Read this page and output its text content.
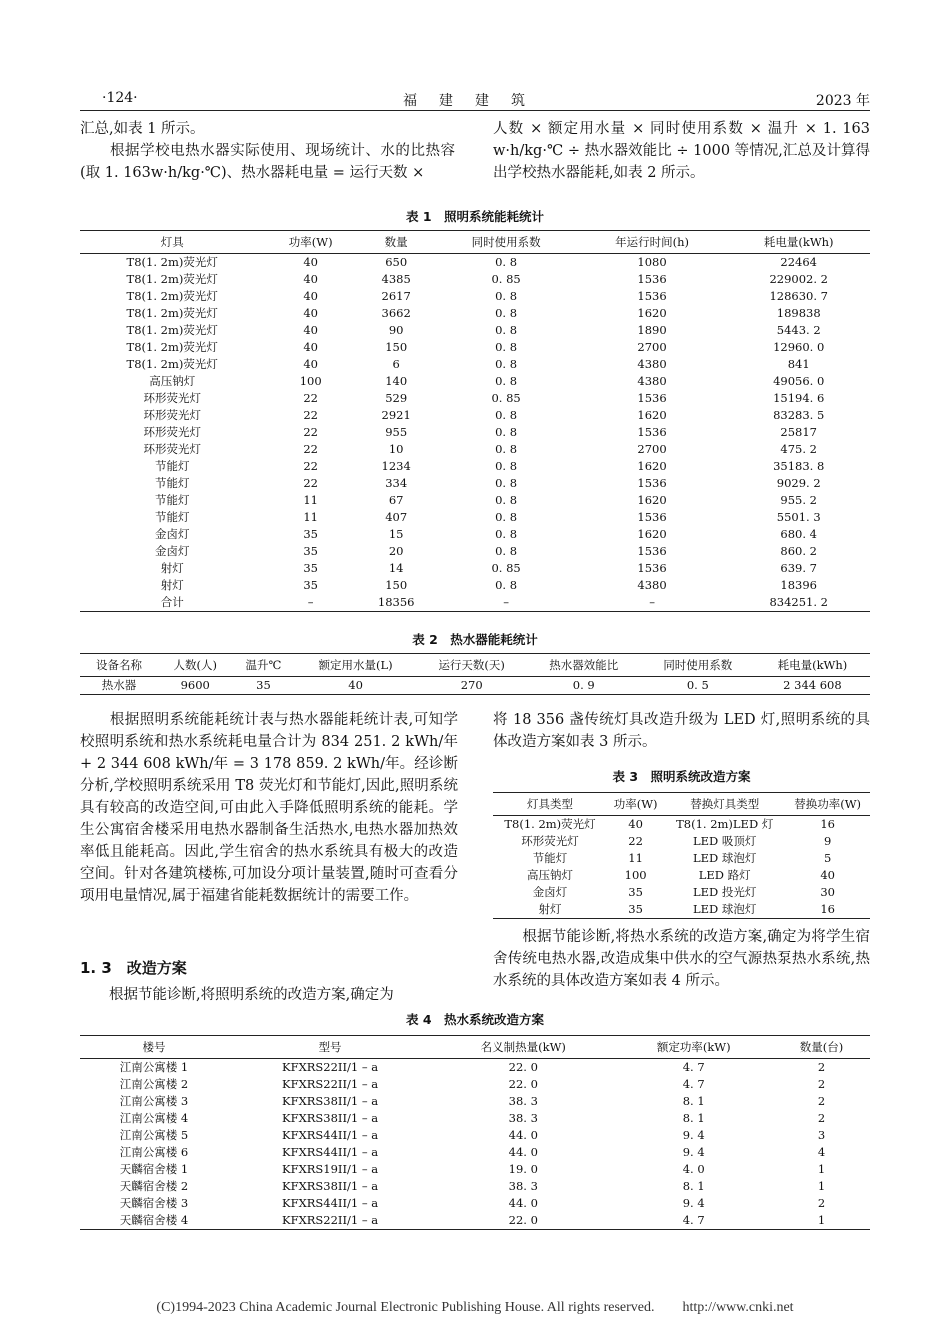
·124·	福建建筑	2023 年

汇总,如表 1 所示。
　　根据学校电热水器实际使用、现场统计、水的比热容(取 1. 163w·h/kg·℃)、热水器耗电量 = 运行天数 ×

人数 × 额定用水量 × 同时使用系数 × 温升 × 1. 163 w·h/kg·℃ ÷ 热水器效能比 ÷ 1000 等情况,汇总及计算得出学校热水器能耗,如表 2 所示。

表 1　照明系统能耗统计
灯具	功率(W)	数量	同时使用系数	年运行时间(h)	耗电量(kWh)
T8(1. 2m)荧光灯	40	650	0. 8	1080	22464
T8(1. 2m)荧光灯	40	4385	0. 85	1536	229002. 2
T8(1. 2m)荧光灯	40	2617	0. 8	1536	128630. 7
T8(1. 2m)荧光灯	40	3662	0. 8	1620	189838
T8(1. 2m)荧光灯	40	90	0. 8	1890	5443. 2
T8(1. 2m)荧光灯	40	150	0. 8	2700	12960. 0
T8(1. 2m)荧光灯	40	6	0. 8	4380	841
高压钠灯	100	140	0. 8	4380	49056. 0
环形荧光灯	22	529	0. 85	1536	15194. 6
环形荧光灯	22	2921	0. 8	1620	83283. 5
环形荧光灯	22	955	0. 8	1536	25817
环形荧光灯	22	10	0. 8	2700	475. 2
节能灯	22	1234	0. 8	1620	35183. 8
节能灯	22	334	0. 8	1536	9029. 2
节能灯	11	67	0. 8	1620	955. 2
节能灯	11	407	0. 8	1536	5501. 3
金卤灯	35	15	0. 8	1620	680. 4
金卤灯	35	20	0. 8	1536	860. 2
射灯	35	14	0. 85	1536	639. 7
射灯	35	150	0. 8	4380	18396
合计	–	18356	–	–	834251. 2
表 2　热水器能耗统计
设备名称	人数(人)	温升℃	额定用水量(L)	运行天数(天)	热水器效能比	同时使用系数	耗电量(kWh)
热水器	9600	35	40	270	0. 9	0. 5	2 344 608

　　根据照明系统能耗统计表与热水器能耗统计表,可知学校照明系统和热水系统耗电量合计为 834 251. 2 kWh/年 + 2 344 608 kWh/年 = 3 178 859. 2 kWh/年。经诊断分析,学校照明系统采用 T8 荧光灯和节能灯,因此,照明系统具有较高的改造空间,可由此入手降低照明系统的能耗。学生公寓宿舍楼采用电热水器制备生活热水,电热水器加热效率低且能耗高。因此,学生宿舍的热水系统具有极大的改造空间。针对各建筑楼栋,可加设分项计量装置,随时可查看分项用电量情况,属于福建省能耗数据统计的需要工作。

将 18 356 盏传统灯具改造升级为 LED 灯,照明系统的具体改造方案如表 3 所示。

表 3　照明系统改造方案
灯具类型	功率(W)	替换灯具类型	替换功率(W)
T8(1. 2m)荧光灯	40	T8(1. 2m)LED 灯	16
环形荧光灯	22	LED 吸顶灯	9
节能灯	11	LED 球泡灯	5
高压钠灯	100	LED 路灯	40
金卤灯	35	LED 投光灯	30
射灯	35	LED 球泡灯	16
1. 3　改造方案

　　根据节能诊断,将照明系统的改造方案,确定为

　　根据节能诊断,将热水系统的改造方案,确定为将学生宿舍传统电热水器,改造成集中供水的空气源热泵热水系统,热水系统的具体改造方案如表 4 所示。

表 4　热水系统改造方案
楼号	型号	名义制热量(kW)	额定功率(kW)	数量(台)
江南公寓楼 1	KFXRS22II/1 – a	22. 0	4. 7	2
江南公寓楼 2	KFXRS22II/1 – a	22. 0	4. 7	2
江南公寓楼 3	KFXRS38II/1 – a	38. 3	8. 1	2
江南公寓楼 4	KFXRS38II/1 – a	38. 3	8. 1	2
江南公寓楼 5	KFXRS44II/1 – a	44. 0	9. 4	3
江南公寓楼 6	KFXRS44II/1 – a	44. 0	9. 4	4
天麟宿舍楼 1	KFXRS19II/1 – a	19. 0	4. 0	1
天麟宿舍楼 2	KFXRS38II/1 – a	38. 3	8. 1	1
天麟宿舍楼 3	KFXRS44II/1 – a	44. 0	9. 4	2
天麟宿舍楼 4	KFXRS22II/1 – a	22. 0	4. 7	1
(C)1994-2023 China Academic Journal Electronic Publishing House. All rights reserved.　　http://www.cnki.net
